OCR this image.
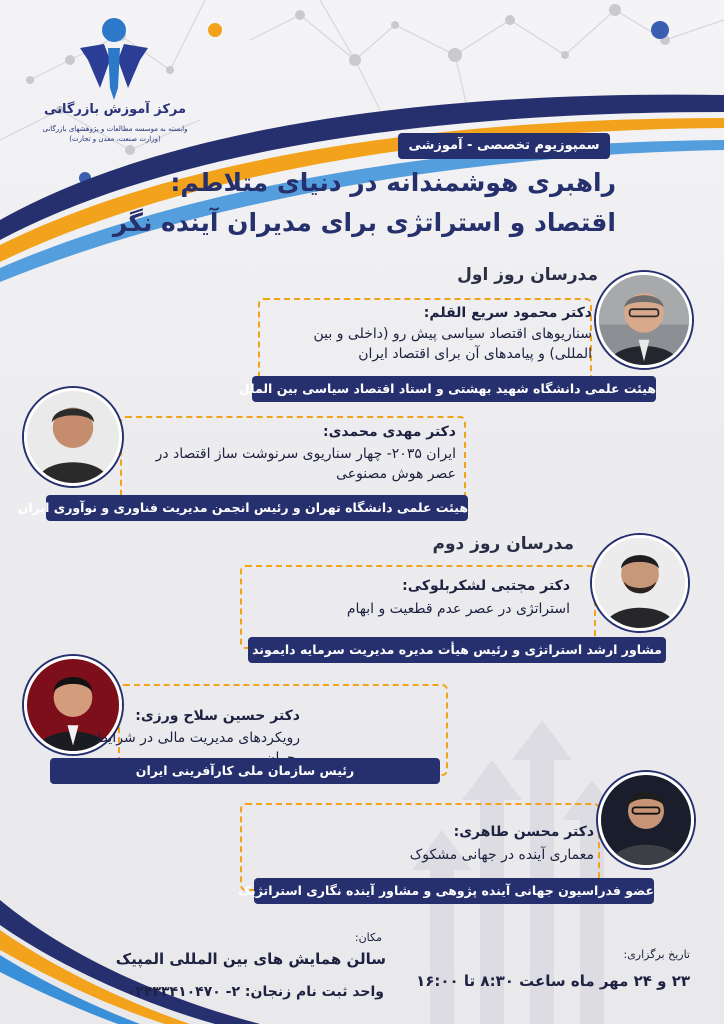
مرکز آموزش بازرگانی
وابسته به موسسه مطالعات و پژوهشهای بازرگانی
(وزارت صنعت، معدن و تجارت)	سمپوزیوم تخصصی - آموزشی
راهبری هوشمندانه در دنیای متلاطم:
اقتصاد و استراتژی برای مدیران آینده نگر
مدرسان روز اول
دکتر محمود سریع القلم:
سناریوهای اقتصاد سیاسی پیش رو (داخلی و بین المللی) و پیامدهای آن برای اقتصاد ایران
هیئت علمی دانشگاه شهید بهشتی و استاد اقتصاد سیاسی بین الملل
دکتر مهدی محمدی:
ایران ۲۰۳۵- چهار سناریوی سرنوشت ساز اقتصاد در عصر هوش مصنوعی
هیئت علمی دانشگاه تهران و رئیس انجمن مدیریت فناوری و نوآوری ایران
مدرسان روز دوم
دکتر مجتبی لشکربلوکی:
استراتژی در عصر عدم قطعیت و ابهام
مشاور ارشد استراتژی و رئیس هیأت مدیره مدیریت سرمایه دایموند
دکتر حسین سلاح ورزی:
رویکردهای مدیریت مالی در شرایط
رئیس سازمان ملی کارآفرینی ایران
دکتر محسن طاهری:
معماری آینده در جهانی مشکوک
عضو فدراسیون جهانی آینده پژوهی و مشاور آینده نگاری استراتژیک
مکان:
سالن همایش های بین المللی المپیک
واحد ثبت نام زنجان: ۲- ۰۲۴۳۳۴۱۰۴۷۰
تاریخ برگزاری:
۲۳ و ۲۴ مهر ماه ساعت ۸:۳۰ تا ۱۶:۰۰
